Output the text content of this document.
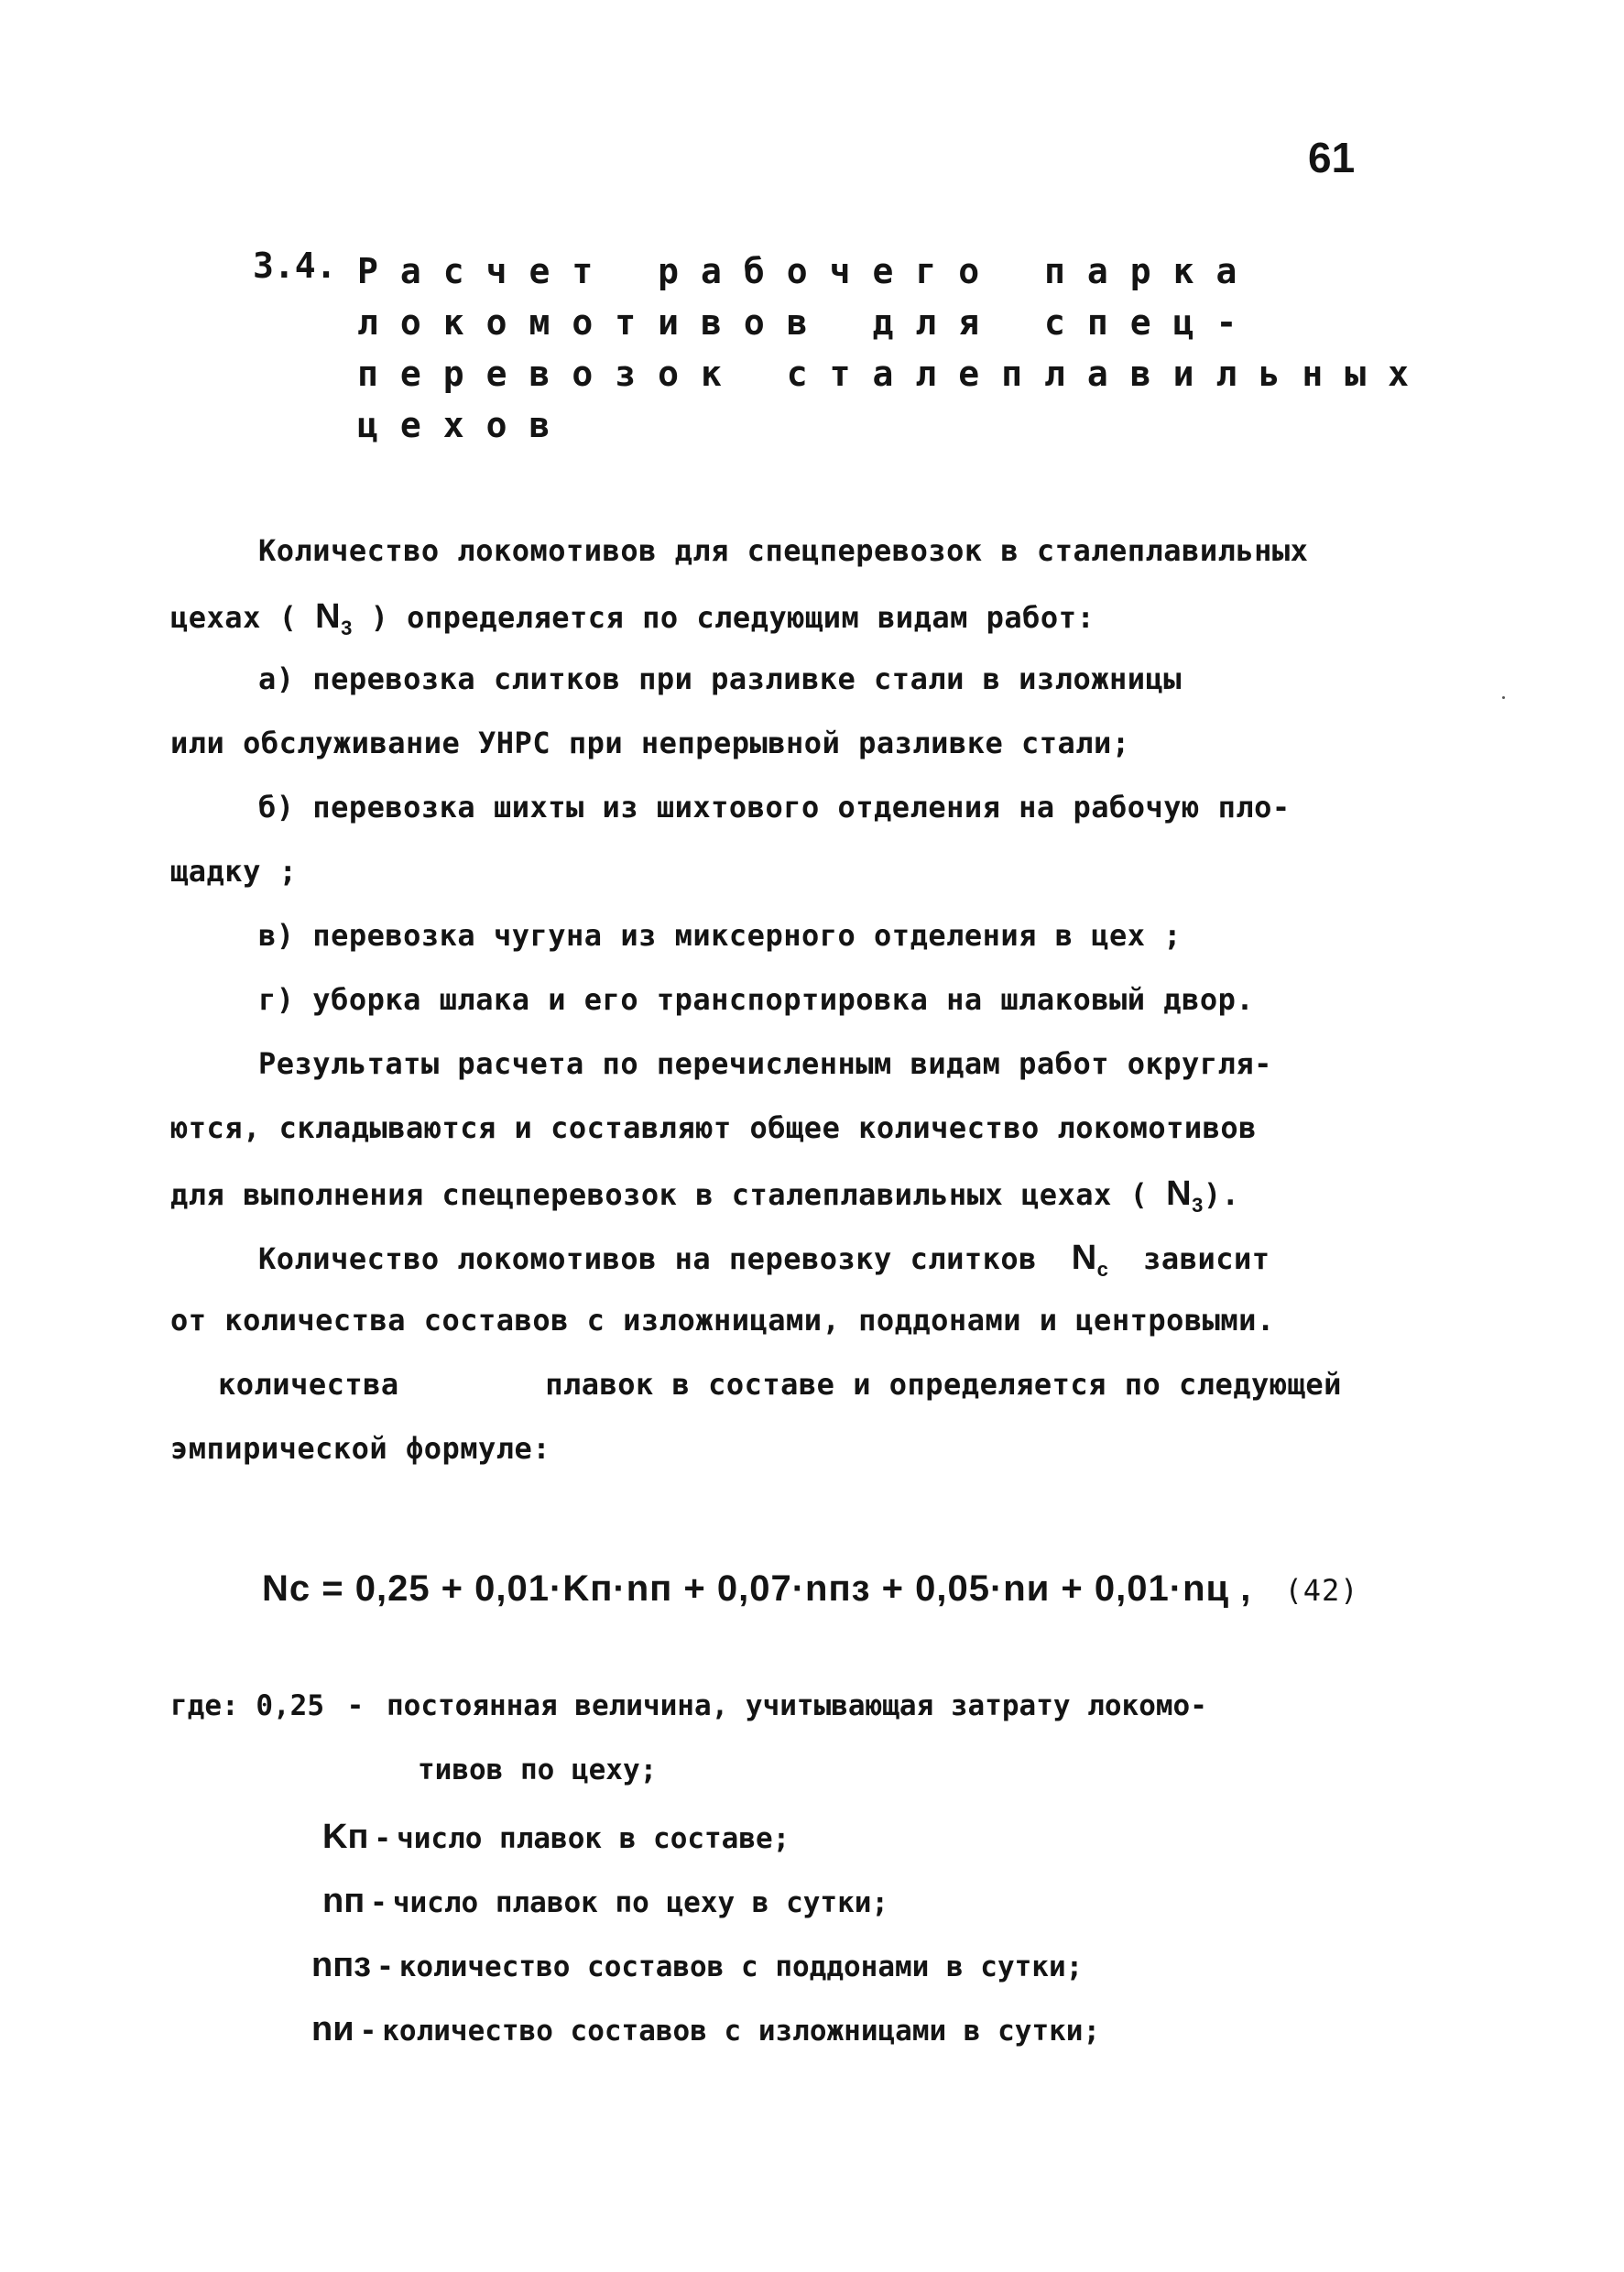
61
3.4. Расчет рабочего парка
локомотивов для спец-
перевозок сталеплавильных
цехов
Количество локомотивов для спецперевозок в сталеплавильных
цехах ( $N_3$ ) определяется по следующим видам работ:
а) перевозка слитков при разливке стали в изложницы
или обслуживание УНРС при непрерывной разливке стали;
б) перевозка шихты из шихтового отделения на рабочую пло-
щадку ;
в) перевозка чугуна из миксерного отделения в цех ;
г) уборка шлака и его транспортировка на шлаковый двор.
Результаты расчета по перечисленным видам работ округля-
ются, складываются и составляют общее количество локомотивов
для выполнения спецперевозок в сталеплавильных цехах ( $N_3$).
Количество локомотивов на перевозку слитков $N_с$ зависит
от количества составов с изложницами, поддонами и центровыми.
количества	плавок в составе и определяется по следующей
эмпирической формуле:
Nс = 0,25 + 0,01·Kп·nп + 0,07·nпз + 0,05·nи + 0,01·nц , (42)
где: 0,25 - постоянная величина, учитывающая затрату локомо-
тивов по цеху;
Kп - число плавок в составе;
nп - число плавок по цеху в сутки;
nпз - количество составов с поддонами в сутки;
nи - количество составов с изложницами в сутки;
